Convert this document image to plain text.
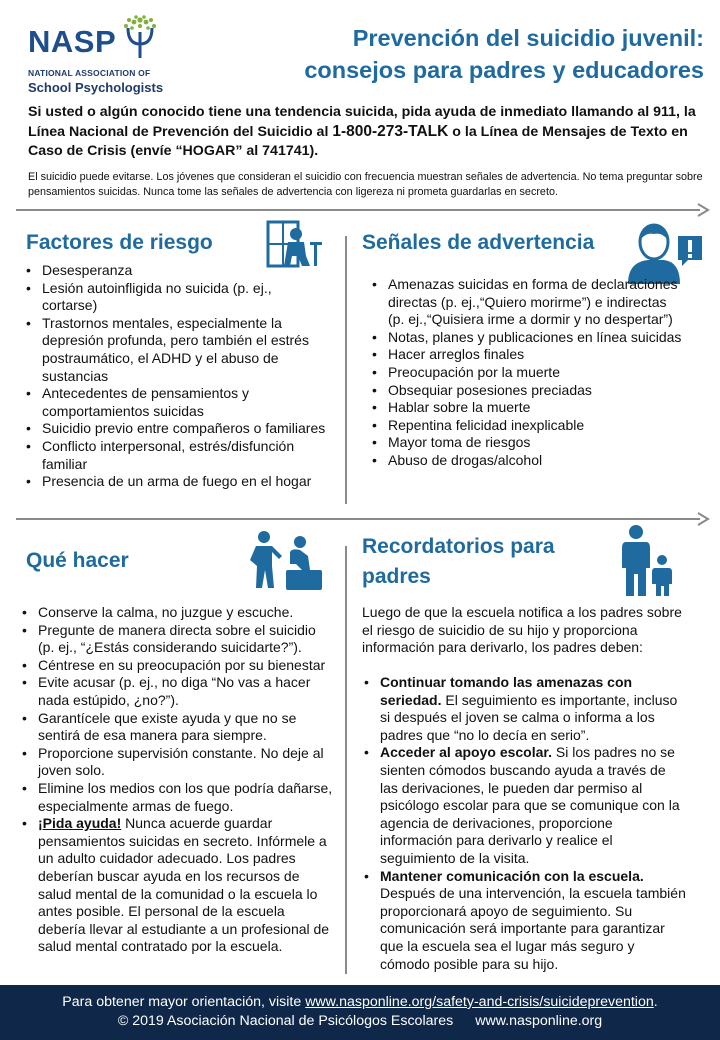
NASP
NATIONAL ASSOCIATION OF
School Psychologists
Prevención del suicidio juvenil:
consejos para padres y educadores
Si usted o algún conocido tiene una tendencia suicida, pida ayuda de inmediato llamando al 911, la Línea Nacional de Prevención del Suicidio al 1-800-273-TALK o la Línea de Mensajes de Texto en Caso de Crisis (envíe “HOGAR” al 741741).
El suicidio puede evitarse. Los jóvenes que consideran el suicidio con frecuencia muestran señales de advertencia. No tema preguntar sobre pensamientos suicidas. Nunca tome las señales de advertencia con ligereza ni prometa guardarlas en secreto.
Factores de riesgo
• Desesperanza
• Lesión autoinfligida no suicida (p. ej., cortarse)
• Trastornos mentales, especialmente la depresión profunda, pero también el estrés postraumático, el ADHD y el abuso de sustancias
• Antecedentes de pensamientos y comportamientos suicidas
• Suicidio previo entre compañeros o familiares
• Conflicto interpersonal, estrés/disfunción familiar
• Presencia de un arma de fuego en el hogar
Señales de advertencia
• Amenazas suicidas en forma de declaraciones directas (p. ej.,“Quiero morirme”) e indirectas (p. ej.,“Quisiera irme a dormir y no despertar”)
• Notas, planes y publicaciones en línea suicidas
• Hacer arreglos finales
• Preocupación por la muerte
• Obsequiar posesiones preciadas
• Hablar sobre la muerte
• Repentina felicidad inexplicable
• Mayor toma de riesgos
• Abuso de drogas/alcohol
Qué hacer
• Conserve la calma, no juzgue y escuche.
• Pregunte de manera directa sobre el suicidio (p. ej., “¿Estás considerando suicidarte?”).
• Céntrese en su preocupación por su bienestar
• Evite acusar (p. ej., no diga “No vas a hacer nada estúpido, ¿no?”).
• Garantícele que existe ayuda y que no se sentirá de esa manera para siempre.
• Proporcione supervisión constante. No deje al joven solo.
• Elimine los medios con los que podría dañarse, especialmente armas de fuego.
• ¡Pida ayuda! Nunca acuerde guardar pensamientos suicidas en secreto. Infórmele a un adulto cuidador adecuado. Los padres deberían buscar ayuda en los recursos de salud mental de la comunidad o la escuela lo antes posible. El personal de la escuela debería llevar al estudiante a un profesional de salud mental contratado por la escuela.
Recordatorios para
padres
Luego de que la escuela notifica a los padres sobre el riesgo de suicidio de su hijo y proporciona información para derivarlo, los padres deben:
• Continuar tomando las amenazas con seriedad. El seguimiento es importante, incluso si después el joven se calma o informa a los padres que “no lo decía en serio”.
• Acceder al apoyo escolar. Si los padres no se sienten cómodos buscando ayuda a través de las derivaciones, le pueden dar permiso al psicólogo escolar para que se comunique con la agencia de derivaciones, proporcione información para derivarlo y realice el seguimiento de la visita.
• Mantener comunicación con la escuela. Después de una intervención, la escuela también proporcionará apoyo de seguimiento. Su comunicación será importante para garantizar que la escuela sea el lugar más seguro y cómodo posible para su hijo.
Para obtener mayor orientación, visite www.nasponline.org/safety-and-crisis/suicideprevention.
© 2019 Asociación Nacional de Psicólogos Escolares www.nasponline.org
